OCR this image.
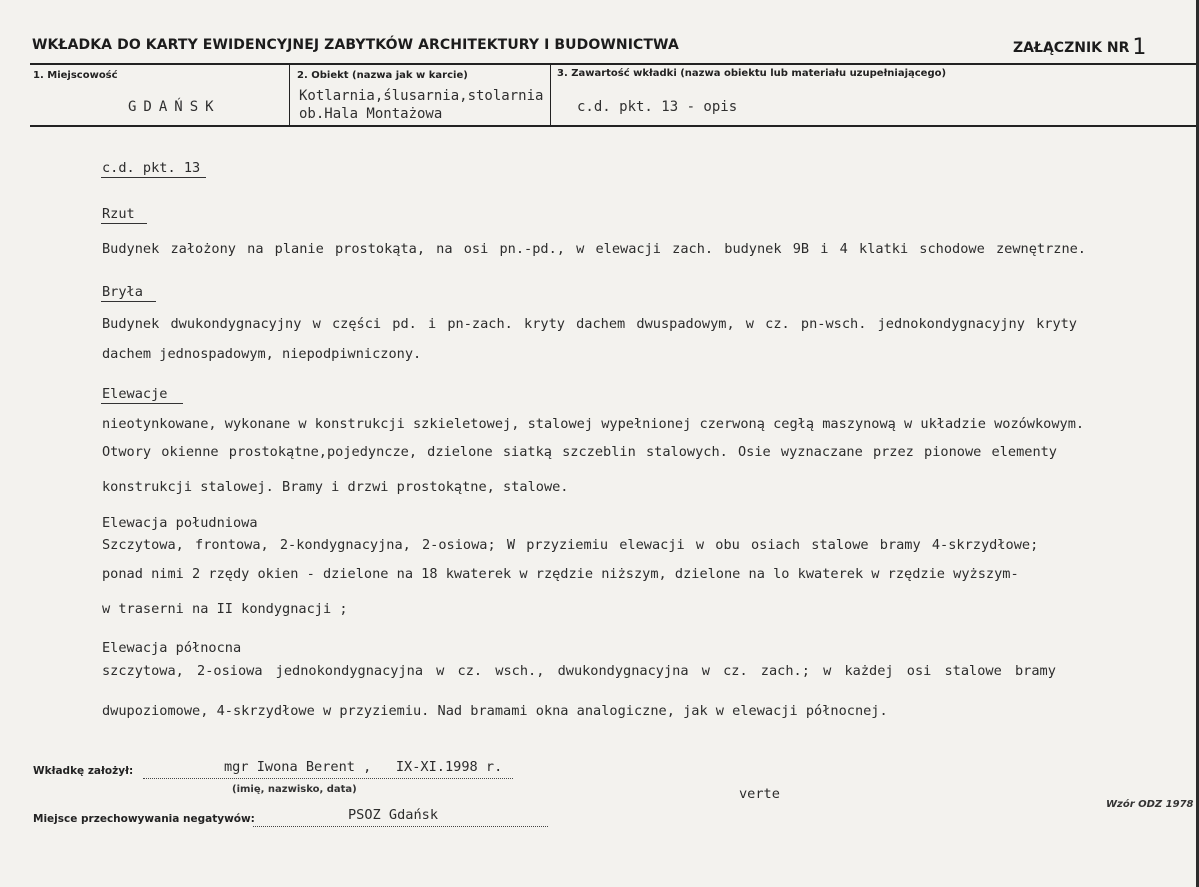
WKŁADKA DO KARTY EWIDENCYJNEJ ZABYTKÓW ARCHITEKTURY I BUDOWNICTWA	ZAŁĄCZNIK NR 1
1. Miejscowość
GDAŃSK
2. Obiekt (nazwa jak w karcie)
Kotlarnia,ślusarnia,stolarnia
ob.Hala Montażowa
3. Zawartość wkładki (nazwa obiektu lub materiału uzupełniającego)
c.d. pkt. 13 - opis
c.d. pkt. 13
Rzut
Budynek założony na planie prostokąta, na osi pn.-pd., w elewacji zach. budynek 9B i 4 klatki schodowe zewnętrzne.
Bryła
Budynek dwukondygnacyjny w części pd. i pn-zach. kryty dachem dwuspadowym, w cz. pn-wsch. jednokondygnacyjny kryty
dachem jednospadowym, niepodpiwniczony.
Elewacje
nieotynkowane, wykonane w konstrukcji szkieletowej, stalowej wypełnionej czerwoną cegłą maszynową w układzie wozówkowym.
Otwory okienne prostokątne,pojedyncze, dzielone siatką szczeblin stalowych. Osie wyznaczane przez pionowe elementy
konstrukcji stalowej. Bramy i drzwi prostokątne, stalowe.
Elewacja południowa
Szczytowa, frontowa, 2-kondygnacyjna, 2-osiowa; W przyziemiu elewacji w obu osiach stalowe bramy 4-skrzydłowe;
ponad nimi 2 rzędy okien - dzielone na 18 kwaterek w rzędzie niższym, dzielone na lo kwaterek w rzędzie wyższym-
w traserni na II kondygnacji ;
Elewacja północna
szczytowa, 2-osiowa jednokondygnacyjna w cz. wsch., dwukondygnacyjna w cz. zach.; w każdej osi stalowe bramy
dwupoziomowe, 4-skrzydłowe w przyziemiu. Nad bramami okna analogiczne, jak w elewacji północnej.
Wkładkę założył:	mgr Iwona Berent ,   IX-XI.1998 r.
(imię, nazwisko, data)	verte
Wzór ODZ 1978
Miejsce przechowywania negatywów:	PSOZ Gdańsk
